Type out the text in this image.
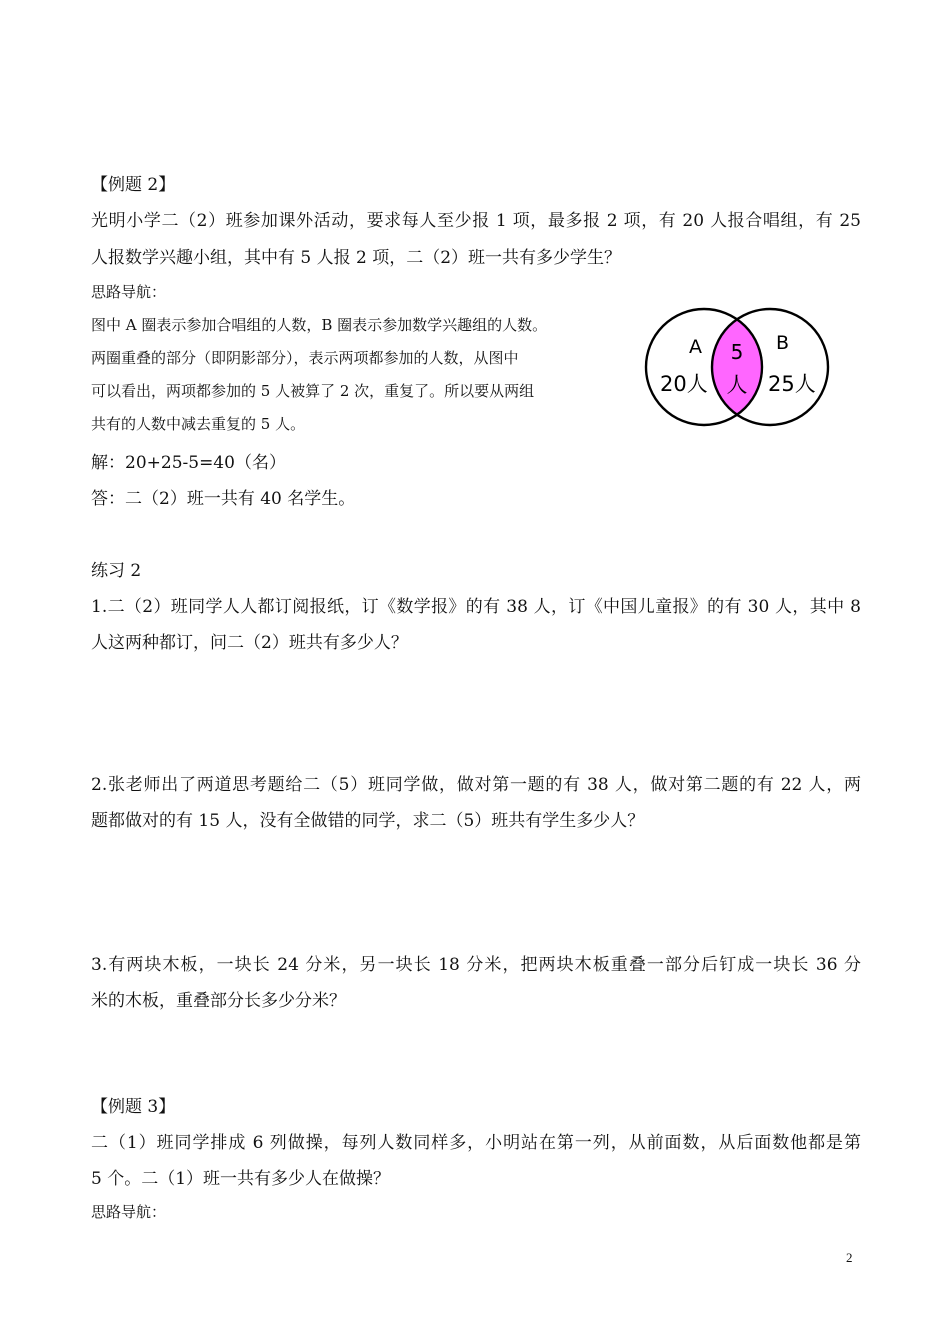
【例题 2】
光明小学二（2）班参加课外活动，要求每人至少报 1 项，最多报 2 项，有 20 人报合唱组，有 25
人报数学兴趣小组，其中有 5 人报 2 项，二（2）班一共有多少学生？
思路导航：
图中 A 圈表示参加合唱组的人数，B 圈表示参加数学兴趣组的人数。
两圈重叠的部分（即阴影部分），表示两项都参加的人数，从图中
可以看出，两项都参加的 5 人被算了 2 次，重复了。所以要从两组
共有的人数中减去重复的 5 人。
解：20+25-5=40（名）
答：二（2）班一共有 40 名学生。
A	B
20人	25人
5
人
练习 2
1.二（2）班同学人人都订阅报纸，订《数学报》的有 38 人，订《中国儿童报》的有 30 人，其中 8
人这两种都订，问二（2）班共有多少人？
2.张老师出了两道思考题给二（5）班同学做，做对第一题的有 38 人，做对第二题的有 22 人，两
题都做对的有 15 人，没有全做错的同学，求二（5）班共有学生多少人？
3.有两块木板，一块长 24 分米，另一块长 18 分米，把两块木板重叠一部分后钉成一块长 36 分
米的木板，重叠部分长多少分米？
【例题 3】
二（1）班同学排成 6 列做操，每列人数同样多，小明站在第一列，从前面数，从后面数他都是第
5 个。二（1）班一共有多少人在做操？
思路导航：
2
